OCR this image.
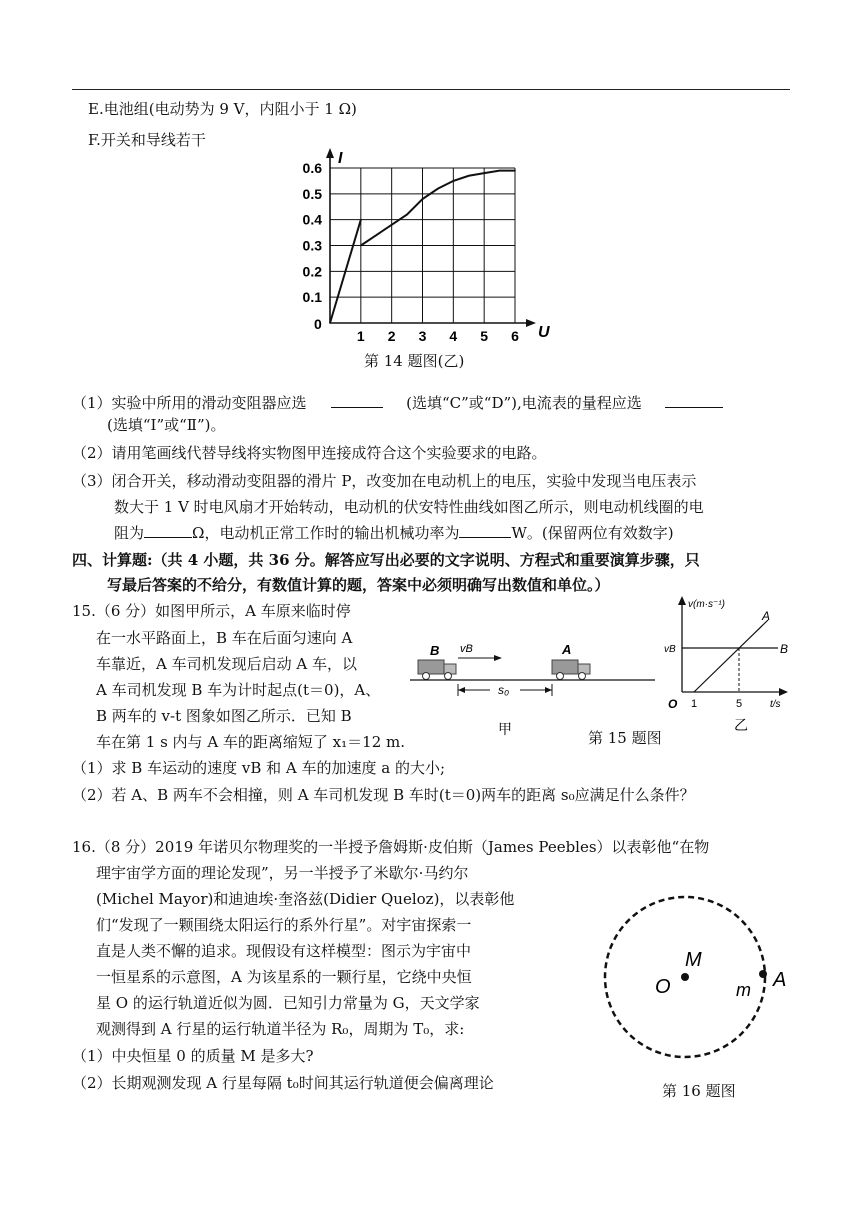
E.电池组(电动势为 9 V，内阻小于 1 Ω)
F.开关和导线若干
I
U
0
0.1
0.2
0.3
0.4
0.5
0.6
1 2 3 4 5 6
第 14 题图(乙)
（1）实验中所用的滑动变阻器应选	(选填“C”或“D”),电流表的量程应选
(选填“Ⅰ”或“Ⅱ”)。
（2）请用笔画线代替导线将实物图甲连接成符合这个实验要求的电路。
（3）闭合开关，移动滑动变阻器的滑片 P，改变加在电动机上的电压，实验中发现当电压表示
数大于 1 V 时电风扇才开始转动，电动机的伏安特性曲线如图乙所示，则电动机线圈的电
阻为	Ω，电动机正常工作时的输出机械功率为	W。(保留两位有效数字)
四、计算题:（共 4 小题，共 36 分。解答应写出必要的文字说明、方程式和重要演算步骤，只
写最后答案的不给分，有数值计算的题，答案中必须明确写出数值和单位。）
15.（6 分）如图甲所示，A 车原来临时停
在一水平路面上，B 车在后面匀速向 A
车靠近，A 车司机发现后启动 A 车，以
A 车司机发现 B 车为计时起点(t＝0)，A、
B 两车的 v-t 图象如图乙所示．已知 B
车在第 1 s 内与 A 车的距离缩短了 x₁＝12 m.
B vB	A
s₀
甲
v(m·s⁻¹)
A
B
vB
O 1	5	t/s
乙
第 15 题图
（1）求 B 车运动的速度 vB 和 A 车的加速度 a 的大小;
（2）若 A、B 两车不会相撞，则 A 车司机发现 B 车时(t＝0)两车的距离 s₀应满足什么条件？
16.（8 分）2019 年诺贝尔物理奖的一半授予詹姆斯·皮伯斯（James Peebles）以表彰他“在物
理宇宙学方面的理论发现”，另一半授予了米歇尔·马约尔
(Michel Mayor)和迪迪埃·奎洛兹(Didier Queloz)，以表彰他
们“发现了一颗围绕太阳运行的系外行星”。对宇宙探索一
直是人类不懈的追求。现假设有这样模型：图示为宇宙中
一恒星系的示意图，A 为该星系的一颗行星，它绕中央恒
星 O 的运行轨道近似为圆．已知引力常量为 G，天文学家
观测得到 A 行星的运行轨道半径为 R₀，周期为 T₀，求:
（1）中央恒星 0 的质量 M 是多大?
（2）长期观测发现 A 行星每隔 t₀时间其运行轨道便会偏离理论
M
O	m A
第 16 题图
